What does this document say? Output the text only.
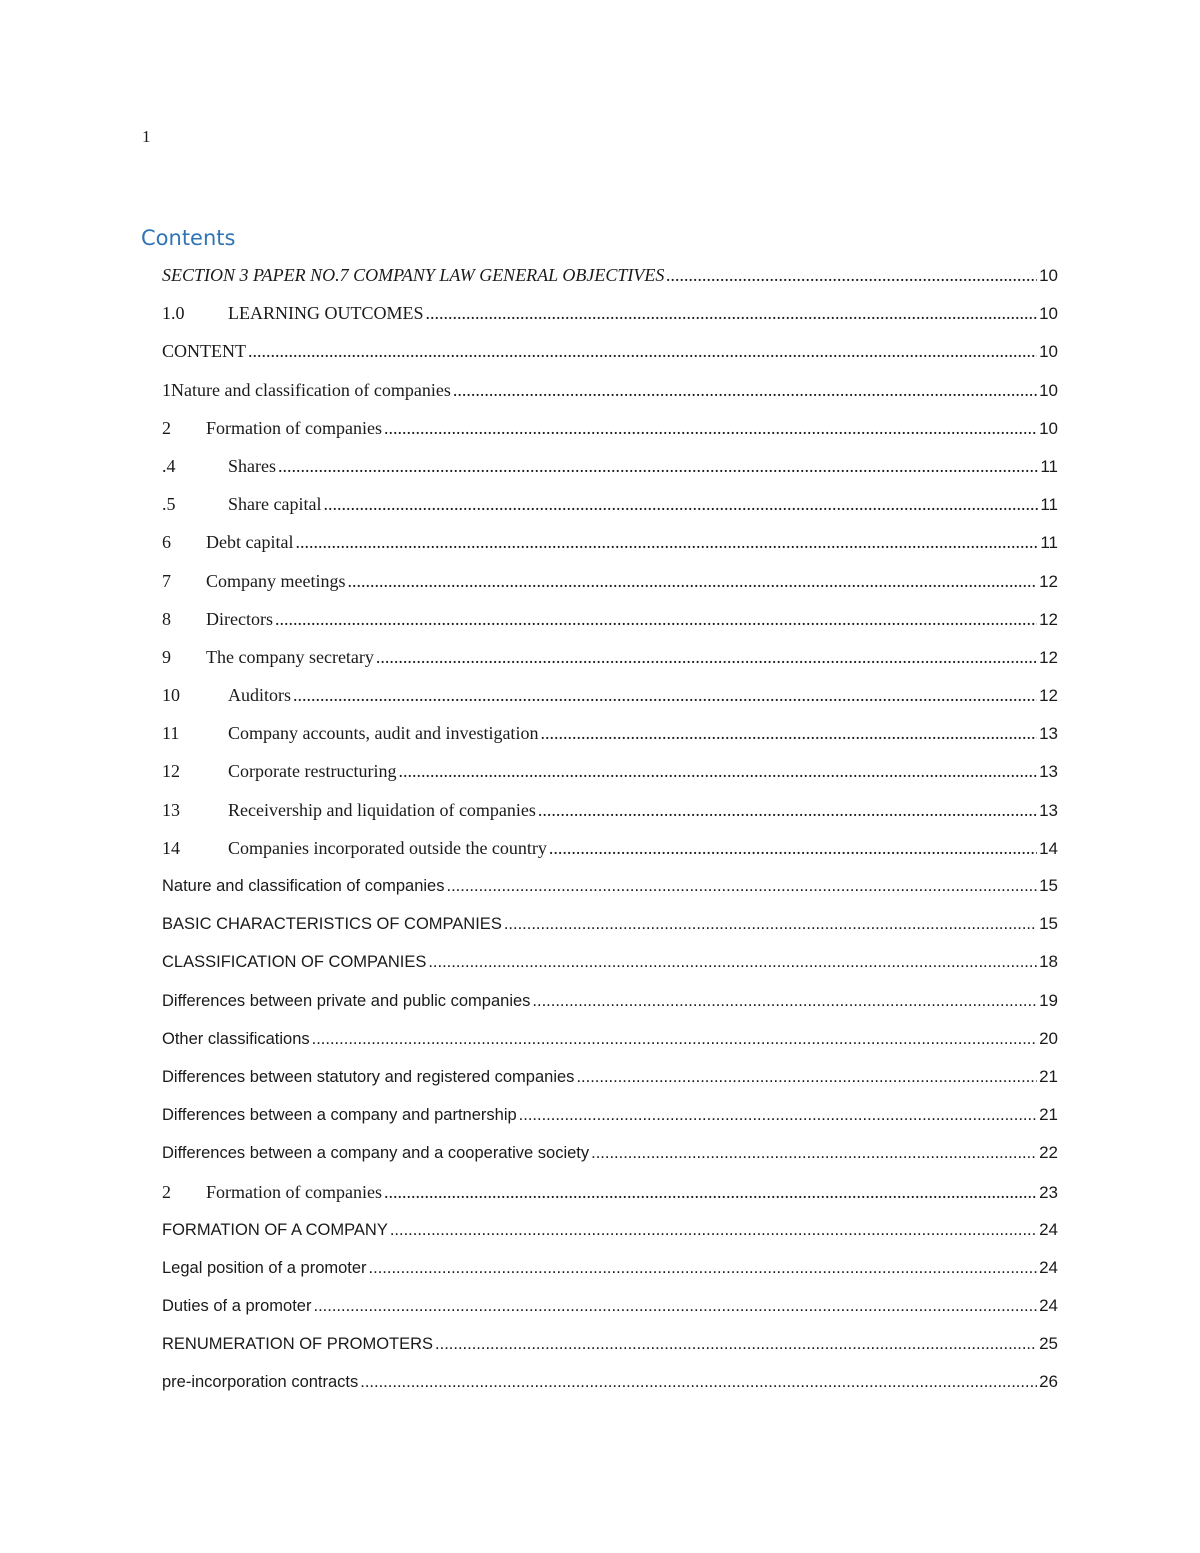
1
Contents
SECTION 3 PAPER NO.7 COMPANY LAW GENERAL OBJECTIVES .....	10
1.0	LEARNING OUTCOMES .....	10
CONTENT .....	10
1Nature and classification of companies .....	10
2	Formation of companies .....	10
.4	Shares .....	11
.5	Share capital .....	11
6	Debt capital .....	11
7	Company meetings .....	12
8	Directors .....	12
9	The company secretary .....	12
10	Auditors .....	12
11	Company accounts, audit and investigation .....	13
12	Corporate restructuring .....	13
13	Receivership and liquidation of companies .....	13
14	Companies incorporated outside the country .....	14
Nature and classification of companies .....	15
BASIC CHARACTERISTICS OF COMPANIES .....	15
CLASSIFICATION OF COMPANIES .....	18
Differences between private and public companies .....	19
Other classifications .....	20
Differences between statutory and registered companies .....	21
Differences between a company and partnership .....	21
Differences between a company and a cooperative society .....	22
2	Formation of companies .....	23
FORMATION OF A COMPANY .....	24
Legal position of a promoter .....	24
Duties of a promoter .....	24
RENUMERATION OF PROMOTERS .....	25
pre-incorporation contracts .....	26
